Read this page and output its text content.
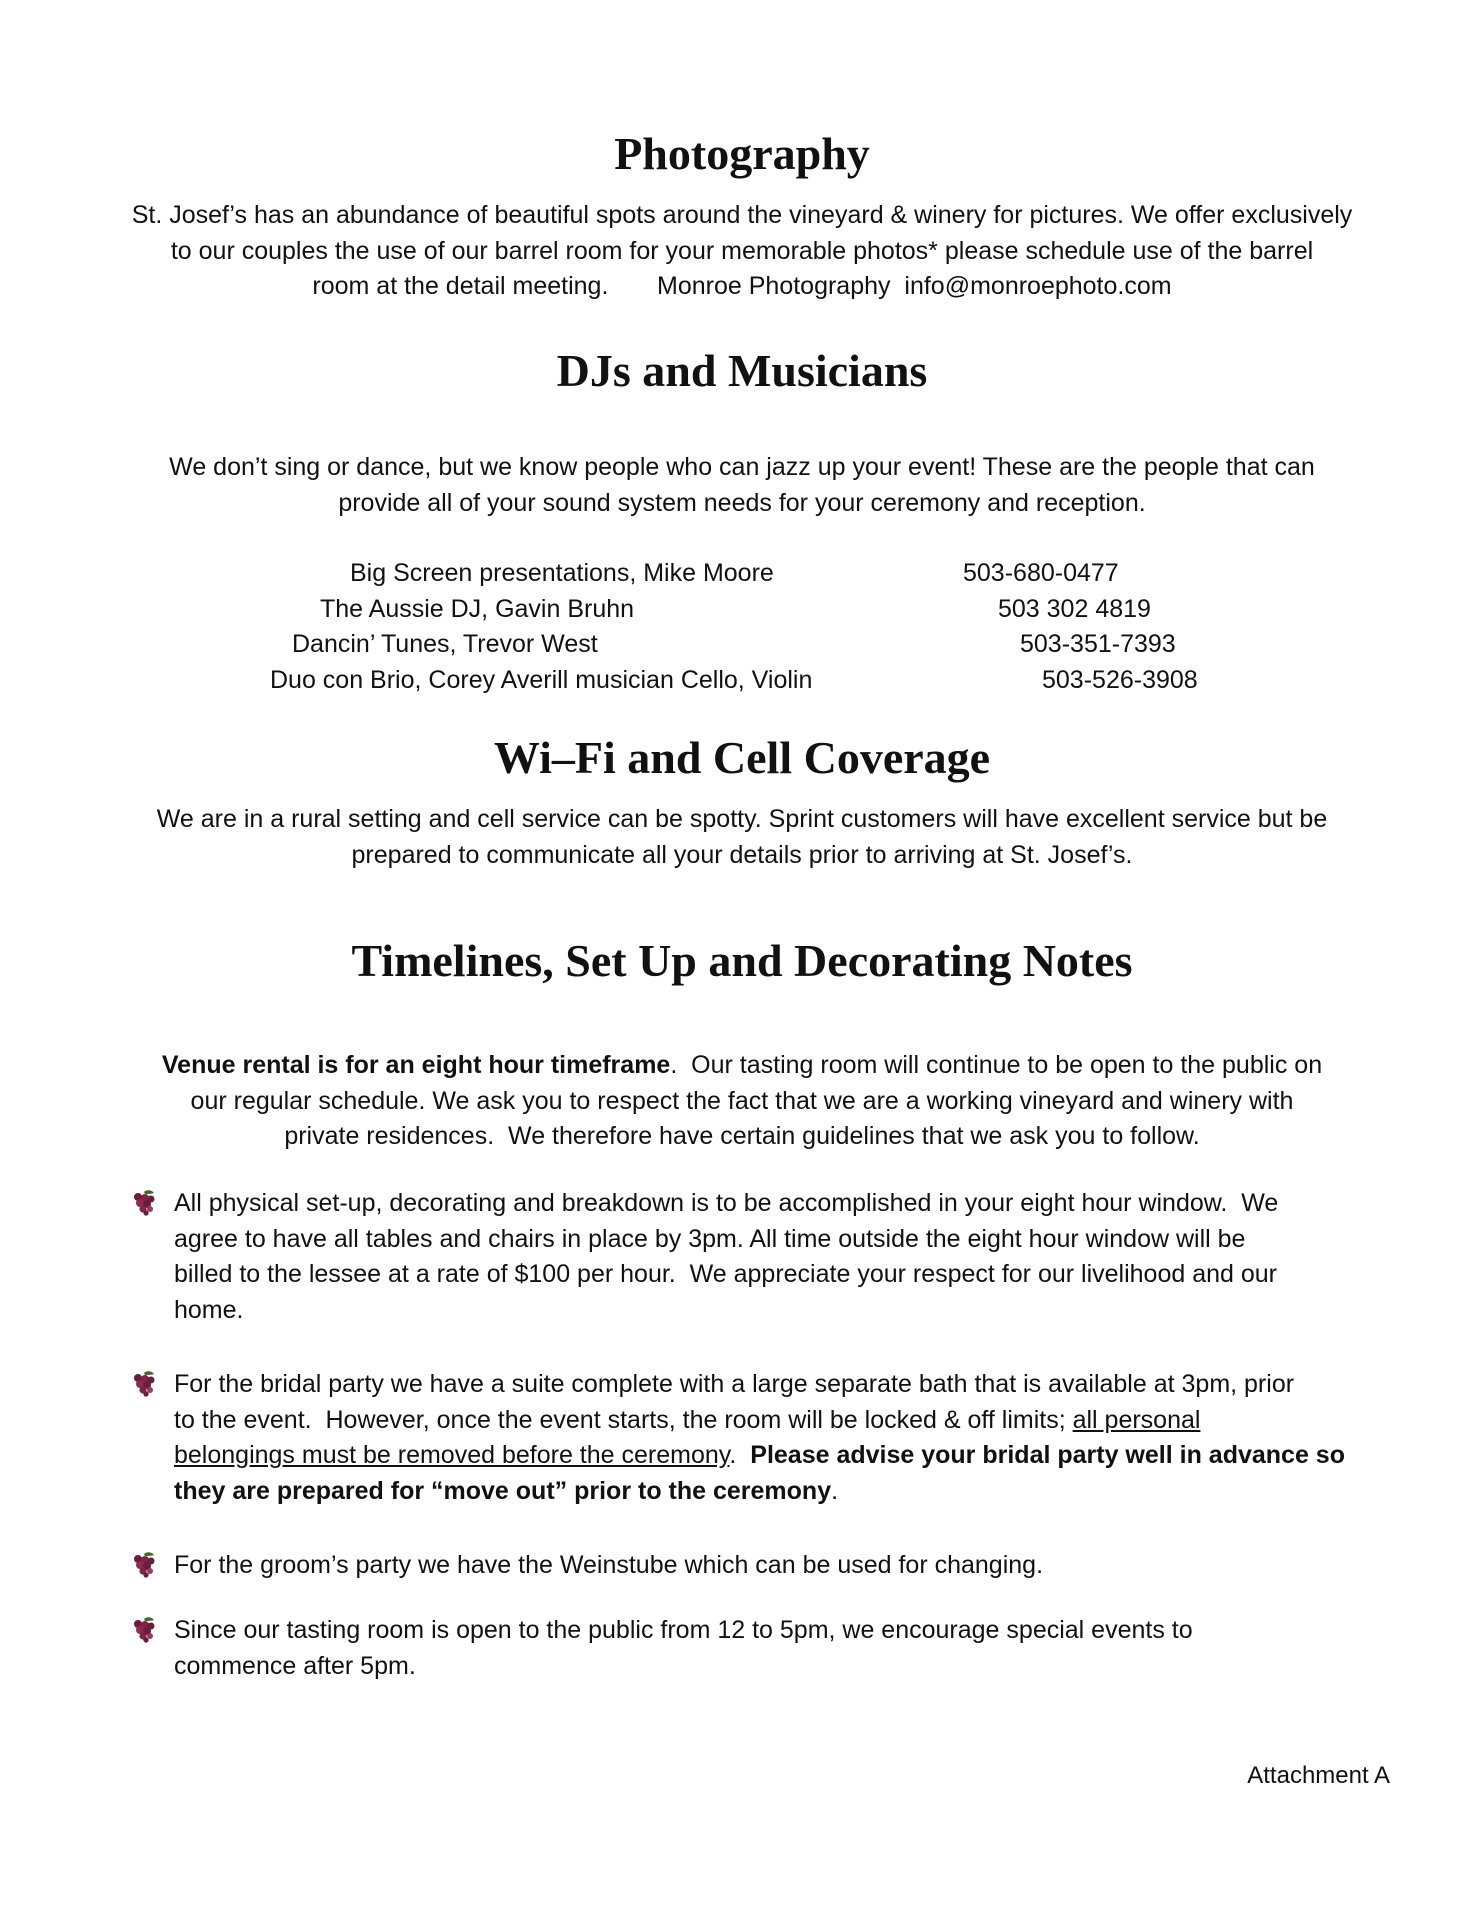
Photography
St. Josef’s has an abundance of beautiful spots around the vineyard & winery for pictures. We offer exclusively
to our couples the use of our barrel room for your memorable photos* please schedule use of the barrel
room at the detail meeting.       Monroe Photography  info@monroephoto.com
DJs and Musicians
We don’t sing or dance, but we know people who can jazz up your event! These are the people that can
provide all of your sound system needs for your ceremony and reception.
Big Screen presentations, Mike Moore	503-680-0477
The Aussie DJ, Gavin Bruhn	503 302 4819
Dancin’ Tunes, Trevor West	503-351-7393
Duo con Brio, Corey Averill musician Cello, Violin	503-526-3908
Wi–Fi and Cell Coverage
We are in a rural setting and cell service can be spotty. Sprint customers will have excellent service but be
prepared to communicate all your details prior to arriving at St. Josef’s.
Timelines, Set Up and Decorating Notes
Venue rental is for an eight hour timeframe.  Our tasting room will continue to be open to the public on
our regular schedule. We ask you to respect the fact that we are a working vineyard and winery with
private residences.  We therefore have certain guidelines that we ask you to follow.
All physical set-up, decorating and breakdown is to be accomplished in your eight hour window.  We
agree to have all tables and chairs in place by 3pm. All time outside the eight hour window will be
billed to the lessee at a rate of $100 per hour.  We appreciate your respect for our livelihood and our
home.
For the bridal party we have a suite complete with a large separate bath that is available at 3pm, prior
to the event.  However, once the event starts, the room will be locked & off limits; all personal
belongings must be removed before the ceremony.  Please advise your bridal party well in advance so
they are prepared for “move out” prior to the ceremony.
For the groom’s party we have the Weinstube which can be used for changing.
Since our tasting room is open to the public from 12 to 5pm, we encourage special events to
commence after 5pm.
Attachment A
